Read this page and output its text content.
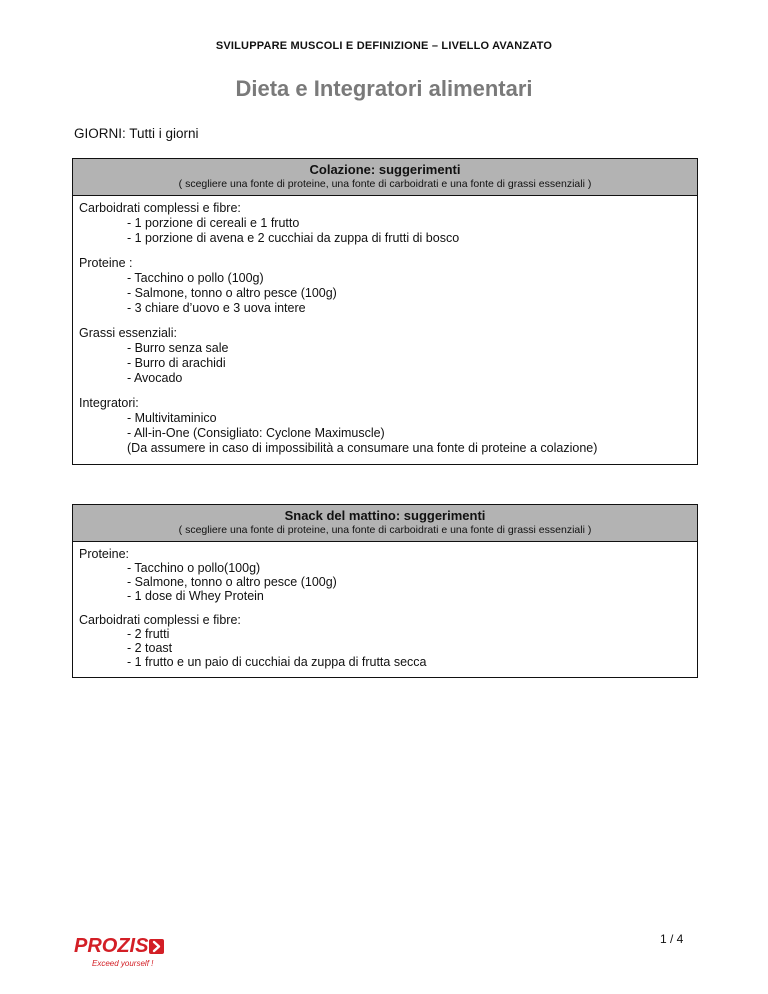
SVILUPPARE MUSCOLI E DEFINIZIONE – LIVELLO AVANZATO
Dieta e Integratori alimentari
GIORNI: Tutti i giorni
Colazione: suggerimenti
( scegliere una fonte di proteine, una fonte di carboidrati e una fonte di grassi essenziali )
Carboidrati complessi e fibre:
- 1 porzione di cereali e 1 frutto
- 1 porzione di avena e 2 cucchiai da zuppa di frutti di bosco
Proteine :
- Tacchino o pollo (100g)
- Salmone, tonno o altro pesce (100g)
- 3 chiare d’uovo e 3 uova intere
Grassi essenziali:
- Burro senza sale
- Burro di arachidi
- Avocado
Integratori:
- Multivitaminico
- All-in-One (Consigliato: Cyclone Maximuscle)
(Da assumere in caso di impossibilità a consumare una fonte di proteine a colazione)
Snack del mattino: suggerimenti
( scegliere una fonte di proteine, una fonte di carboidrati e una fonte di grassi essenziali )
Proteine:
- Tacchino o pollo(100g)
- Salmone, tonno o altro pesce (100g)
- 1 dose di Whey Protein
Carboidrati complessi e fibre:
- 2 frutti
- 2 toast
- 1 frutto e un paio di cucchiai da zuppa di frutta secca
PROZIS
Exceed yourself !
1 / 4
